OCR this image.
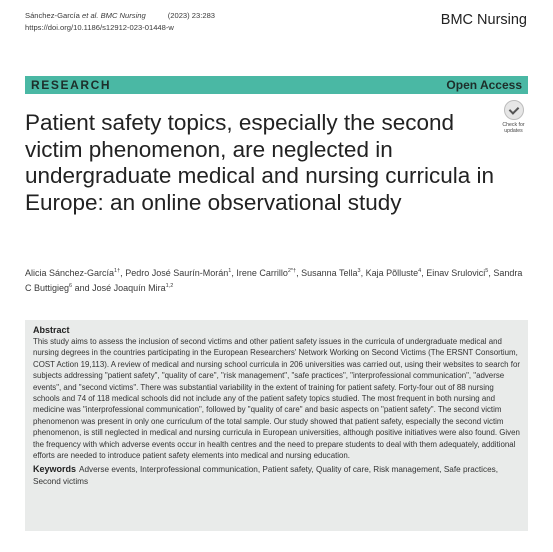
Sánchez-García et al. BMC Nursing	(2023) 23:283
https://doi.org/10.1186/s12912-023-01448-w	BMC Nursing
RESEARCH	Open Access
Check for
updates
Patient safety topics, especially the second victim phenomenon, are neglected in undergraduate medical and nursing curricula in Europe: an online observational study
Alicia Sánchez-García$^{1\dagger}$, Pedro José Saurín-Morán$^1$, Irene Carrillo$^{2*\dagger}$, Susanna Tella$^3$, Kaja Põlluste$^4$, Einav Srulovici$^5$, Sandra C Buttigieg$^6$ and José Joaquín Mira$^{1,2}$
Abstract
This study aims to assess the inclusion of second victims and other patient safety issues in the curricula of undergraduate medical and nursing degrees in the countries participating in the European Researchers' Network Working on Second Victims (The ERSNT Consortium, COST Action 19,113). A review of medical and nursing school curricula in 206 universities was carried out, using their websites to search for subjects addressing "patient safety", "quality of care", "risk management", "safe practices", "interprofessional communication", "adverse events", and "second victims". There was substantial variability in the extent of training for patient safety. Forty-four out of 88 nursing schools and 74 of 118 medical schools did not include any of the patient safety topics studied. The most frequent in both nursing and medicine was "interprofessional communication", followed by "quality of care" and basic aspects on "patient safety". The second victim phenomenon was present in only one curriculum of the total sample. Our study showed that patient safety, especially the second victim phenomenon, is still neglected in medical and nursing curricula in European universities, although positive initiatives were also found. Given the frequency with which adverse events occur in health centres and the need to prepare students to deal with them adequately, additional efforts are needed to introduce patient safety elements into medical and nursing education.
Keywords Adverse events, Interprofessional communication, Patient safety, Quality of care, Risk management, Safe practices, Second victims
